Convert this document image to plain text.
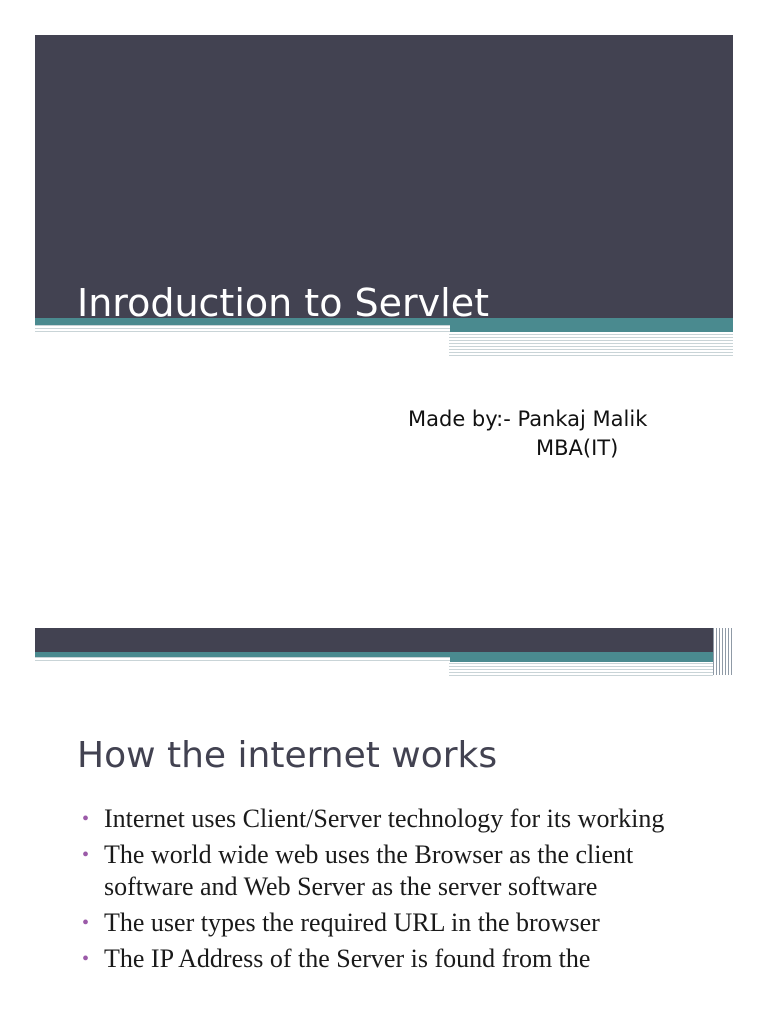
Inroduction to Servlet
Made by:- Pankaj Malik
MBA(IT)
How the internet works
• Internet uses Client/Server technology for its working
• The world wide web uses the Browser as the client software and Web Server as the server software
• The user types the required URL in the browser
• The IP Address of the Server is found from the
